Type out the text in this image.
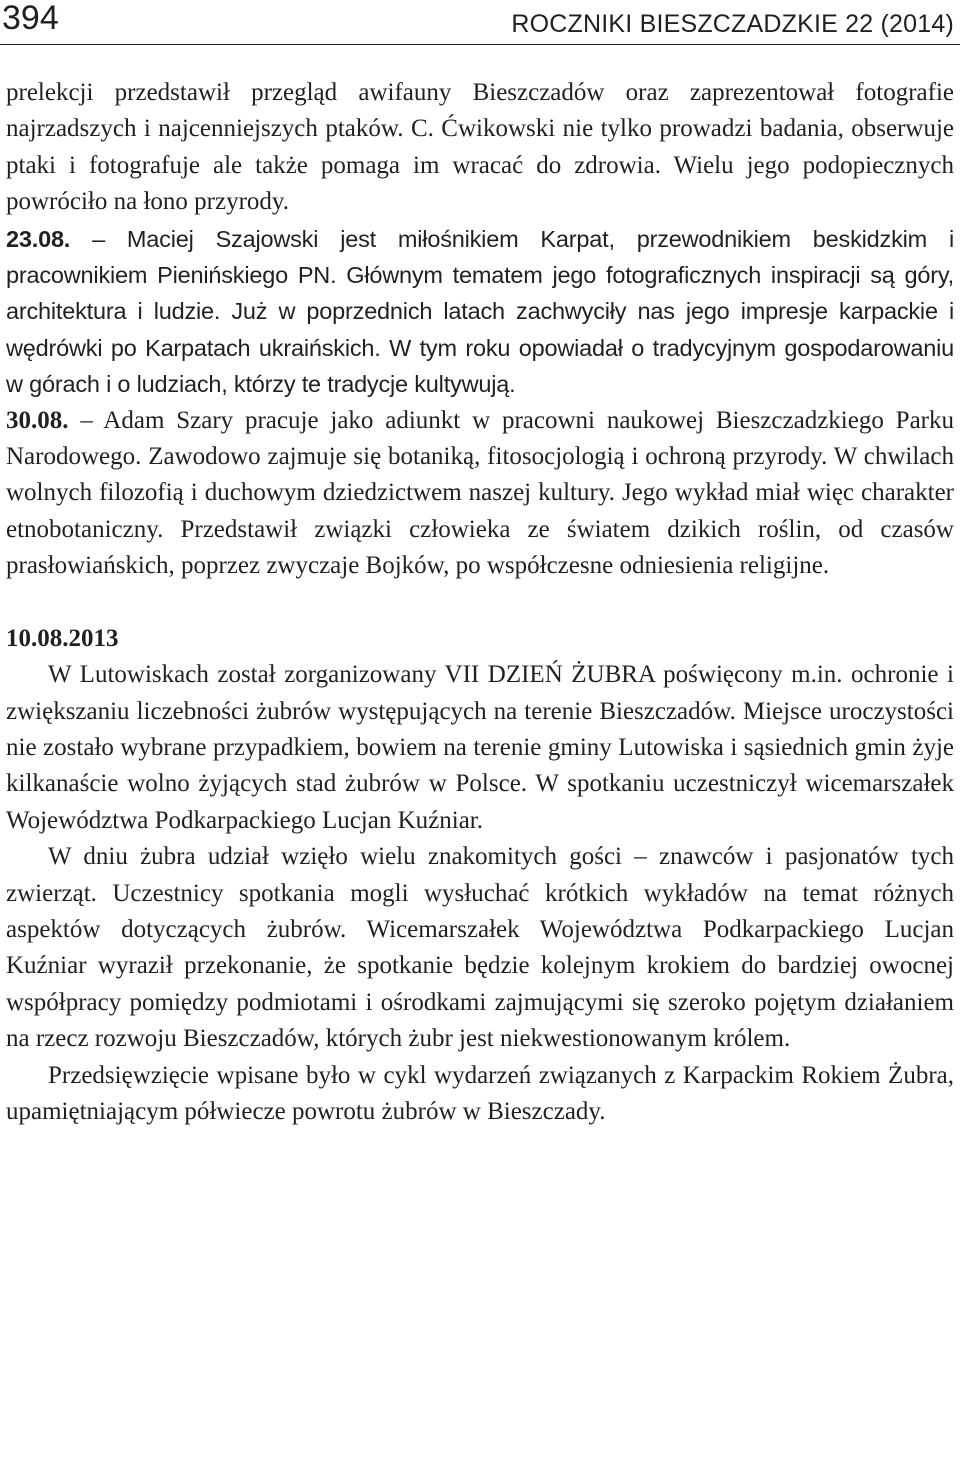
394	ROCZNIKI BIESZCZADZKIE 22 (2014)

prelekcji przedstawił przegląd awifauny Bieszczadów oraz zaprezentował fotografie najrzadszych i najcenniejszych ptaków. C. Ćwikowski nie tylko prowadzi badania, obserwuje ptaki i fotografuje ale także pomaga im wracać do zdrowia. Wielu jego podopiecznych powróciło na łono przyrody.

23.08. – Maciej Szajowski jest miłośnikiem Karpat, przewodnikiem beskidzkim i pracownikiem Pienińskiego PN. Głównym tematem jego fotograficznych inspiracji są góry, architektura i ludzie. Już w poprzednich latach zachwyciły nas jego impresje karpackie i wędrówki po Karpatach ukraińskich. W tym roku opowiadał o tradycyjnym gospodarowaniu w górach i o ludziach, którzy te tradycje kultywują.

30.08. – Adam Szary pracuje jako adiunkt w pracowni naukowej Bieszczadzkiego Parku Narodowego. Zawodowo zajmuje się botaniką, fitosocjologią i ochroną przyrody. W chwilach wolnych filozofią i duchowym dziedzictwem naszej kultury. Jego wykład miał więc charakter etnobotaniczny. Przedstawił związki człowieka ze światem dzikich roślin, od czasów prasłowiańskich, poprzez zwyczaje Bojków, po współczesne odniesienia religijne.

10.08.2013

W Lutowiskach został zorganizowany VII DZIEŃ ŻUBRA poświęcony m.in. ochronie i zwiększaniu liczebności żubrów występujących na terenie Bieszczadów. Miejsce uroczystości nie zostało wybrane przypadkiem, bowiem na terenie gminy Lutowiska i sąsiednich gmin żyje kilkanaście wolno żyjących stad żubrów w Polsce. W spotkaniu uczestniczył wicemarszałek Województwa Podkarpackiego Lucjan Kuźniar.

W dniu żubra udział wzięło wielu znakomitych gości – znawców i pasjonatów tych zwierząt. Uczestnicy spotkania mogli wysłuchać krótkich wykładów na temat różnych aspektów dotyczących żubrów. Wicemarszałek Województwa Podkarpackiego Lucjan Kuźniar wyraził przekonanie, że spotkanie będzie kolejnym krokiem do bardziej owocnej współpracy pomiędzy podmiotami i ośrodkami zajmującymi się szeroko pojętym działaniem na rzecz rozwoju Bieszczadów, których żubr jest niekwestionowanym królem.

Przedsięwzięcie wpisane było w cykl wydarzeń związanych z Karpackim Rokiem Żubra, upamiętniającym półwiecze powrotu żubrów w Bieszczady.
